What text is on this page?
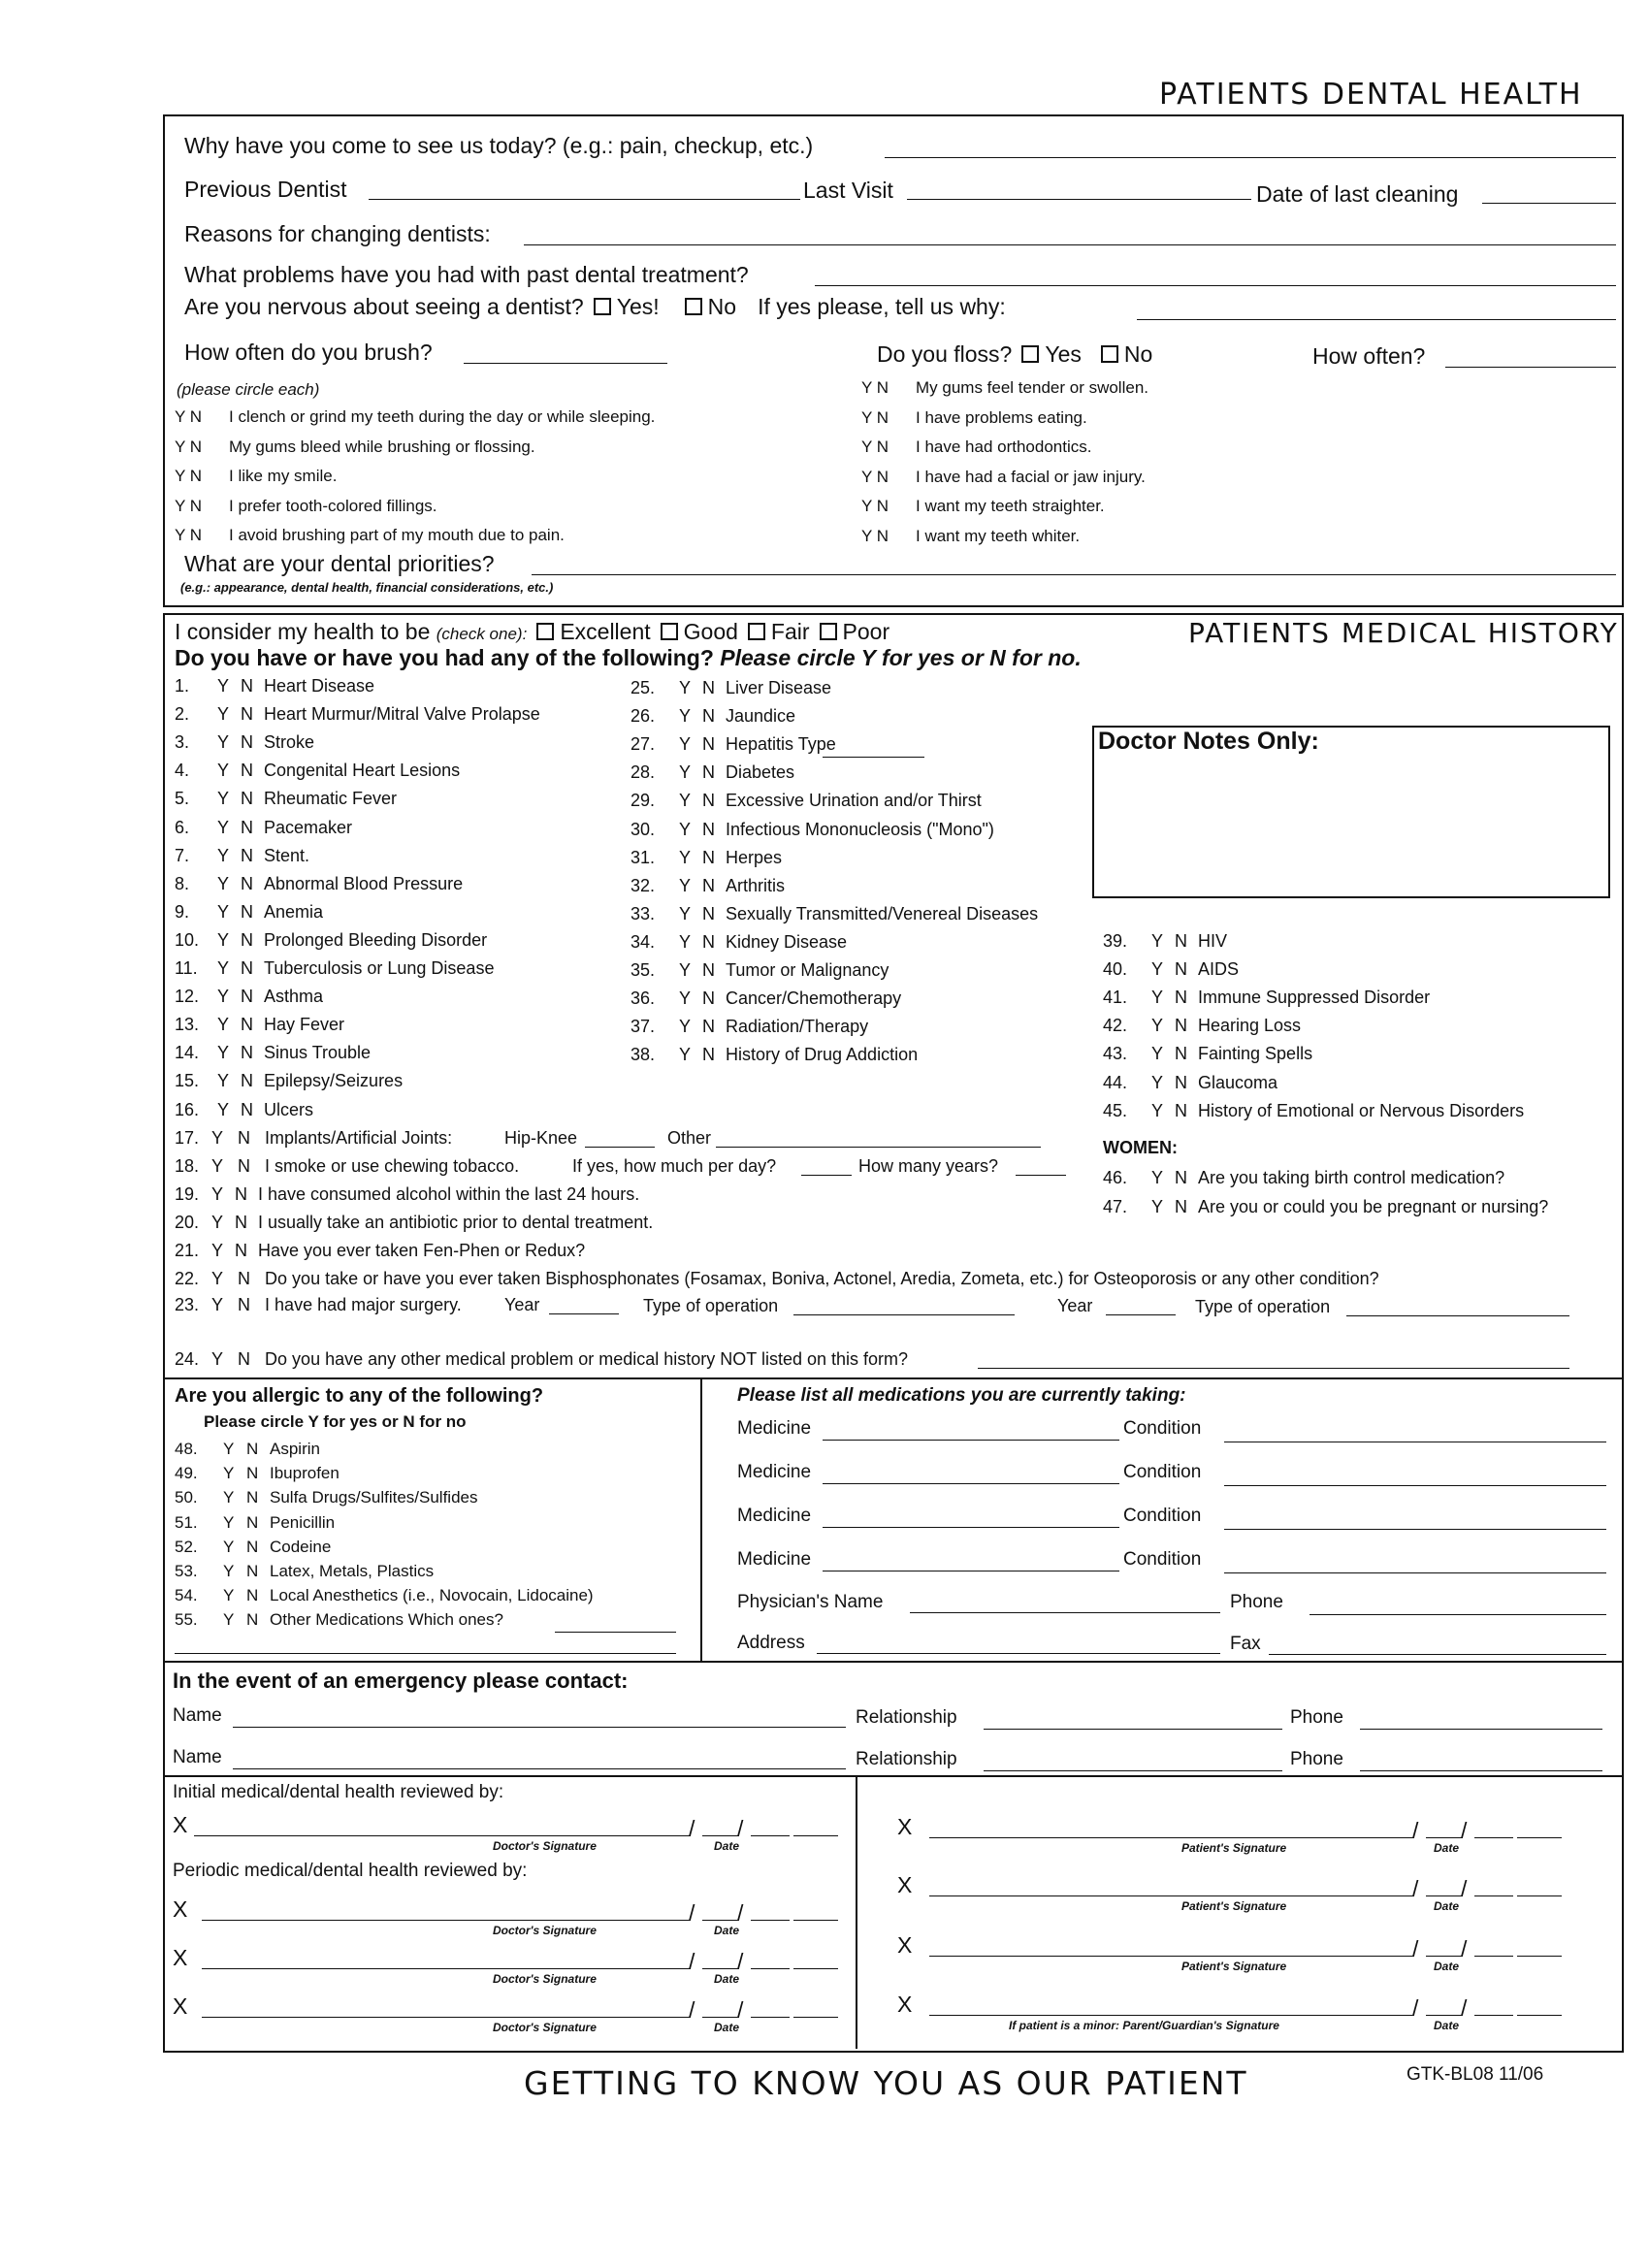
PATIENTS DENTAL HEALTH
Why have you come to see us today? (e.g.: pain, checkup, etc.)
Previous Dentist	Last Visit	Date of last cleaning
Reasons for changing dentists:
What problems have you had with past dental treatment?
Are you nervous about seeing a dentist? Yes! No If yes please, tell us why:
How often do you brush?	Do you floss? Yes No	How often?
(please circle each)
Y N I clench or grind my teeth during the day or while sleeping.
Y N My gums bleed while brushing or flossing.
Y N I like my smile.
Y N I prefer tooth-colored fillings.
Y N I avoid brushing part of my mouth due to pain.
Y N My gums feel tender or swollen.
Y N I have problems eating.
Y N I have had orthodontics.
Y N I have had a facial or jaw injury.
Y N I want my teeth straighter.
Y N I want my teeth whiter.
What are your dental priorities?
(e.g.: appearance, dental health, financial considerations, etc.)
I consider my health to be (check one): Excellent Good Fair Poor	PATIENTS MEDICAL HISTORY
Do you have or have you had any of the following? Please circle Y for yes or N for no.
Doctor Notes Only:
1. Y N Heart Disease
2. Y N Heart Murmur/Mitral Valve Prolapse
3. Y N Stroke
4. Y N Congenital Heart Lesions
5. Y N Rheumatic Fever
6. Y N Pacemaker
7. Y N Stent.
8. Y N Abnormal Blood Pressure
9. Y N Anemia
10. Y N Prolonged Bleeding Disorder
11. Y N Tuberculosis or Lung Disease
12. Y N Asthma
13. Y N Hay Fever
14. Y N Sinus Trouble
15. Y N Epilepsy/Seizures
16. Y N Ulcers
25. Y N Liver Disease
26. Y N Jaundice
27. Y N Hepatitis Type
28. Y N Diabetes
29. Y N Excessive Urination and/or Thirst
30. Y N Infectious Mononucleosis ("Mono")
31. Y N Herpes
32. Y N Arthritis
33. Y N Sexually Transmitted/Venereal Diseases
34. Y N Kidney Disease
35. Y N Tumor or Malignancy
36. Y N Cancer/Chemotherapy
37. Y N Radiation/Therapy
38. Y N History of Drug Addiction
39. Y N HIV
40. Y N AIDS
41. Y N Immune Suppressed Disorder
42. Y N Hearing Loss
43. Y N Fainting Spells
44. Y N Glaucoma
45. Y N History of Emotional or Nervous Disorders
WOMEN:
46. Y N Are you taking birth control medication?
47. Y N Are you or could you be pregnant or nursing?
17. Y N Implants/Artificial Joints:	Hip-Knee	Other
18. Y N I smoke or use chewing tobacco.	If yes, how much per day?	How many years?
19. Y N I have consumed alcohol within the last 24 hours.
20. Y N I usually take an antibiotic prior to dental treatment.
21. Y N Have you ever taken Fen-Phen or Redux?
22. Y N Do you take or have you ever taken Bisphosphonates (Fosamax, Boniva, Actonel, Aredia, Zometa, etc.) for Osteoporosis or any other condition?
23. Y N I have had major surgery. Year	Type of operation	Year	Type of operation
24. Y N Do you have any other medical problem or medical history NOT listed on this form?
Are you allergic to any of the following?
Please circle Y for yes or N for no
48. Y N Aspirin
49. Y N Ibuprofen
50. Y N Sulfa Drugs/Sulfites/Sulfides
51. Y N Penicillin
52. Y N Codeine
53. Y N Latex, Metals, Plastics
54. Y N Local Anesthetics (i.e., Novocain, Lidocaine)
55. Y N Other Medications Which ones?
Please list all medications you are currently taking:
Medicine	Condition
Medicine	Condition
Medicine	Condition
Medicine	Condition
Physician's Name	Phone
Address	Fax
In the event of an emergency please contact:
Name	Relationship	Phone
Name	Relationship	Phone
Initial medical/dental health reviewed by:
Periodic medical/dental health reviewed by:
X	/ /
Doctor's Signature	Date
X	/ /
Doctor's Signature	Date
X	/ /
Doctor's Signature	Date
X	/ /
Doctor's Signature	Date
X	/ /
Patient's Signature	Date
X	/ /
Patient's Signature	Date
X	/ /
Patient's Signature	Date
X	/ /
If patient is a minor: Parent/Guardian's Signature	Date
GETTING TO KNOW YOU AS OUR PATIENT	GTK-BL08 11/06
